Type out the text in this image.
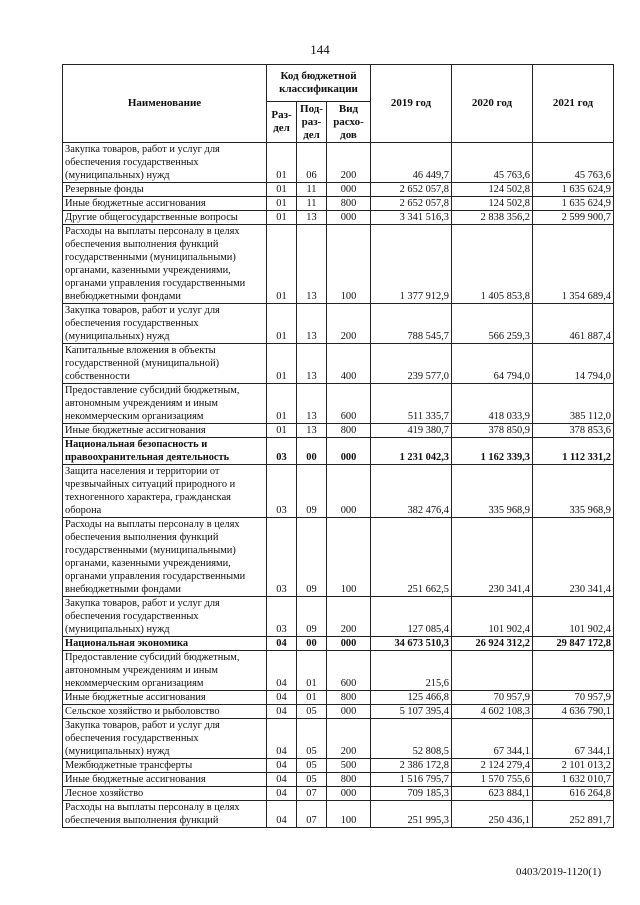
144
Наименование	Код бюджетной классификации			2019 год	2020 год	2021 год
	Раз-дел	Под-раз-дел	Вид расхо-дов			
Закупка товаров, работ и услуг для обеспечения государственных (муниципальных) нужд	01	06	200	46 449,7	45 763,6	45 763,6
Резервные фонды	01	11	000	2 652 057,8	124 502,8	1 635 624,9
Иные бюджетные ассигнования	01	11	800	2 652 057,8	124 502,8	1 635 624,9
Другие общегосударственные вопросы	01	13	000	3 341 516,3	2 838 356,2	2 599 900,7
Расходы на выплаты персоналу в целях обеспечения выполнения функций государственными (муниципальными) органами, казенными учреждениями, органами управления государственными внебюджетными фондами	01	13	100	1 377 912,9	1 405 853,8	1 354 689,4
Закупка товаров, работ и услуг для обеспечения государственных (муниципальных) нужд	01	13	200	788 545,7	566 259,3	461 887,4
Капитальные вложения в объекты государственной (муниципальной) собственности	01	13	400	239 577,0	64 794,0	14 794,0
Предоставление субсидий бюджетным, автономным учреждениям и иным некоммерческим организациям	01	13	600	511 335,7	418 033,9	385 112,0
Иные бюджетные ассигнования	01	13	800	419 380,7	378 850,9	378 853,6
Национальная безопасность и правоохранительная деятельность	03	00	000	1 231 042,3	1 162 339,3	1 112 331,2
Защита населения и территории от чрезвычайных ситуаций природного и техногенного характера, гражданская оборона	03	09	000	382 476,4	335 968,9	335 968,9
Расходы на выплаты персоналу в целях обеспечения выполнения функций государственными (муниципальными) органами, казенными учреждениями, органами управления государственными внебюджетными фондами	03	09	100	251 662,5	230 341,4	230 341,4
Закупка товаров, работ и услуг для обеспечения государственных (муниципальных) нужд	03	09	200	127 085,4	101 902,4	101 902,4
Национальная экономика	04	00	000	34 673 510,3	26 924 312,2	29 847 172,8
Предоставление субсидий бюджетным, автономным учреждениям и иным некоммерческим организациям	04	01	600	215,6		
Иные бюджетные ассигнования	04	01	800	125 466,8	70 957,9	70 957,9
Сельское хозяйство и рыболовство	04	05	000	5 107 395,4	4 602 108,3	4 636 790,1
Закупка товаров, работ и услуг для обеспечения государственных (муниципальных) нужд	04	05	200	52 808,5	67 344,1	67 344,1
Межбюджетные трансферты	04	05	500	2 386 172,8	2 124 279,4	2 101 013,2
Иные бюджетные ассигнования	04	05	800	1 516 795,7	1 570 755,6	1 632 010,7
Лесное хозяйство	04	07	000	709 185,3	623 884,1	616 264,8
Расходы на выплаты персоналу в целях обеспечения выполнения функций	04	07	100	251 995,3	250 436,1	252 891,7
0403/2019-1120(1)
